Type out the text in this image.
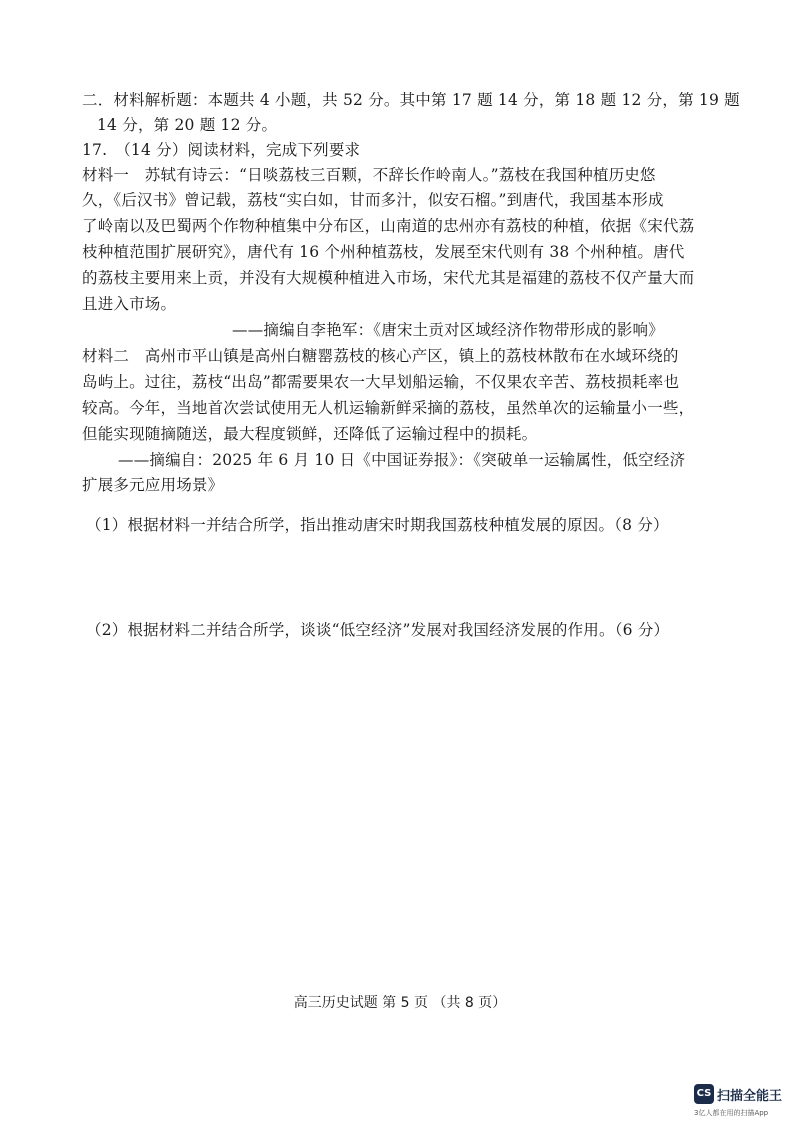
二．材料解析题：本题共 4 小题，共 52 分。其中第 17 题 14 分，第 18 题 12 分，第 19 题
14 分，第 20 题 12 分。
17.　（14 分）阅读材料，完成下列要求
材料一　苏轼有诗云：“日啖荔枝三百颗，不辞长作岭南人。”荔枝在我国种植历史悠
久，《后汉书》曾记载，荔枝“实白如，甘而多汁，似安石榴。”到唐代，我国基本形成
了岭南以及巴蜀两个作物种植集中分布区，山南道的忠州亦有荔枝的种植，依据《宋代荔
枝种植范围扩展研究》，唐代有 16 个州种植荔枝，发展至宋代则有 38 个州种植。唐代
的荔枝主要用来上贡，并没有大规模种植进入市场，宋代尤其是福建的荔枝不仅产量大而
且进入市场。
——摘编自李艳军：《唐宋土贡对区域经济作物带形成的影响》
材料二　高州市平山镇是高州白糖罂荔枝的核心产区，镇上的荔枝林散布在水域环绕的
岛屿上。过往，荔枝“出岛”都需要果农一大早划船运输，不仅果农辛苦、荔枝损耗率也
较高。今年，当地首次尝试使用无人机运输新鲜采摘的荔枝，虽然单次的运输量小一些，
但能实现随摘随送，最大程度锁鲜，还降低了运输过程中的损耗。
——摘编自：2025 年 6 月 10 日《中国证券报》：《突破单一运输属性，低空经济
扩展多元应用场景》
（1）根据材料一并结合所学，指出推动唐宋时期我国荔枝种植发展的原因。（8 分）
（2）根据材料二并结合所学，谈谈“低空经济”发展对我国经济发展的作用。（6 分）
高三历史试题 第 5 页 （共 8 页）
CS 扫描全能王
3亿人都在用的扫描App
